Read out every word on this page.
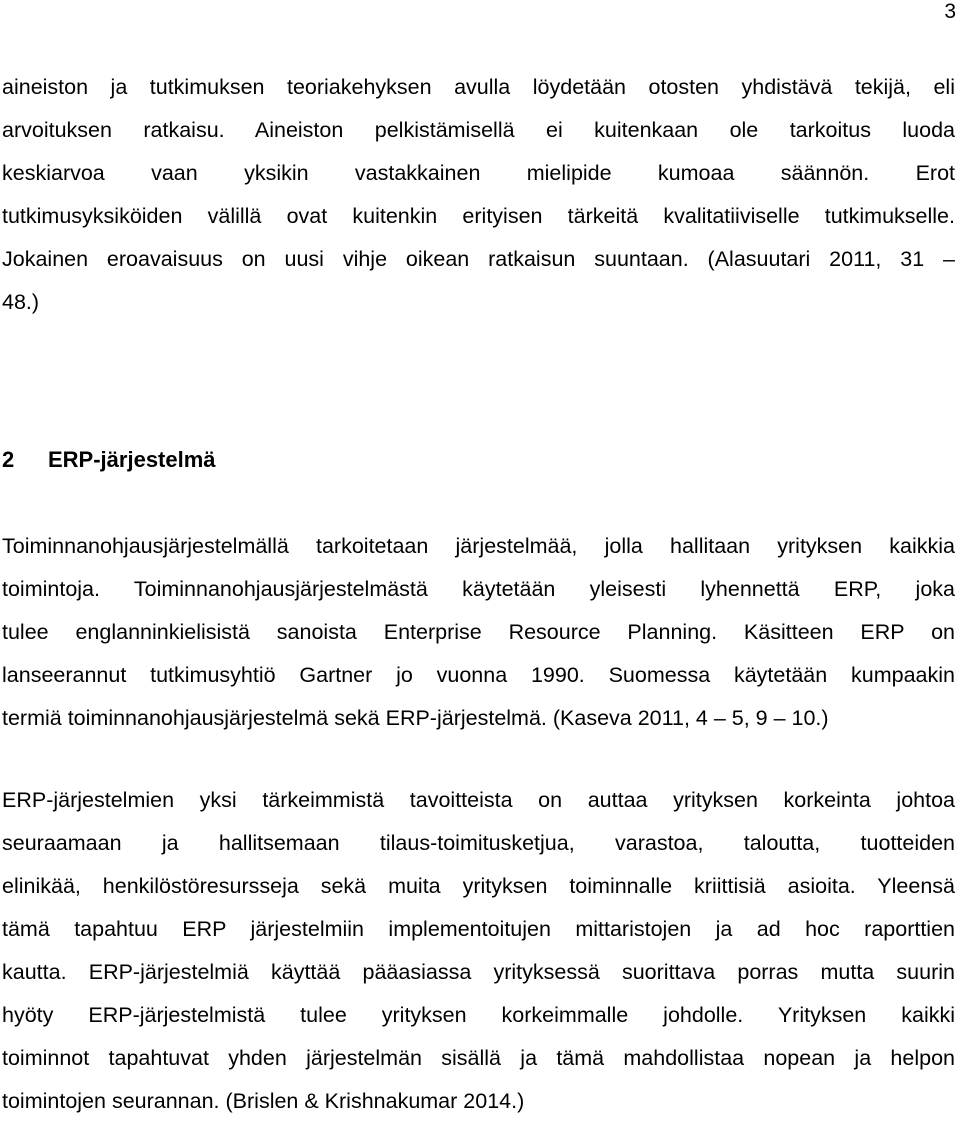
3
aineiston ja tutkimuksen teoriakehyksen avulla löydetään otosten yhdistävä tekijä, eli
arvoituksen ratkaisu. Aineiston pelkistämisellä ei kuitenkaan ole tarkoitus luoda
keskiarvoa vaan yksikin vastakkainen mielipide kumoaa säännön. Erot
tutkimusyksiköiden välillä ovat kuitenkin erityisen tärkeitä kvalitatiiviselle tutkimukselle.
Jokainen eroavaisuus on uusi vihje oikean ratkaisun suuntaan. (Alasuutari 2011, 31 –
48.)
2 ERP-järjestelmä
Toiminnanohjausjärjestelmällä tarkoitetaan järjestelmää, jolla hallitaan yrityksen kaikkia
toimintoja. Toiminnanohjausjärjestelmästä käytetään yleisesti lyhennettä ERP, joka
tulee englanninkielisistä sanoista Enterprise Resource Planning. Käsitteen ERP on
lanseerannut tutkimusyhtiö Gartner jo vuonna 1990. Suomessa käytetään kumpaakin
termiä toiminnanohjausjärjestelmä sekä ERP-järjestelmä. (Kaseva 2011, 4 – 5, 9 – 10.)
ERP-järjestelmien yksi tärkeimmistä tavoitteista on auttaa yrityksen korkeinta johtoa
seuraamaan ja hallitsemaan tilaus-toimitusketjua, varastoa, taloutta, tuotteiden
elinikää, henkilöstöresursseja sekä muita yrityksen toiminnalle kriittisiä asioita. Yleensä
tämä tapahtuu ERP järjestelmiin implementoitujen mittaristojen ja ad hoc raporttien
kautta. ERP-järjestelmiä käyttää pääasiassa yrityksessä suorittava porras mutta suurin
hyöty ERP-järjestelmistä tulee yrityksen korkeimmalle johdolle. Yrityksen kaikki
toiminnot tapahtuvat yhden järjestelmän sisällä ja tämä mahdollistaa nopean ja helpon
toimintojen seurannan. (Brislen & Krishnakumar 2014.)
